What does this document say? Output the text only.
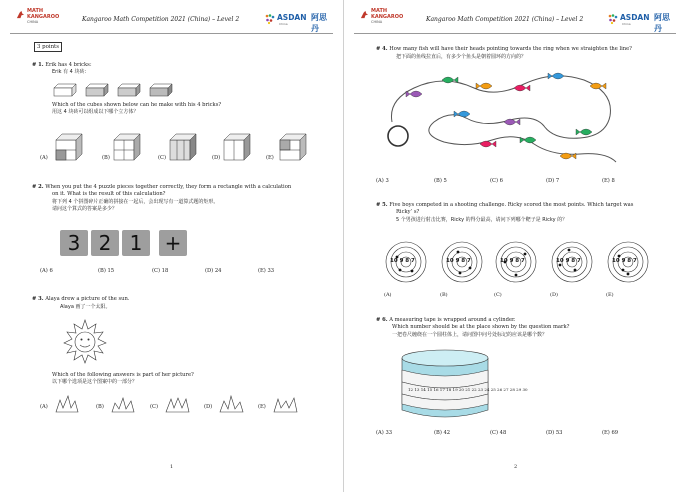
MATH KANGAROO
CHINA	Kangaroo Math Competition 2021 (China) – Level 2	ASDAN
China
阿思丹
3 points
# 1. Erik has 4 bricks:
Erik 有 4 块砖：
Which of the cubes shown below can he make with his 4 bricks?
用这 4 块砖可以组成以下哪个立方体？
(A)	(B)	(C)	(D)	(E)
# 2. When you put the 4 puzzle pieces together correctly, they form a rectangle with a calculation
on it. What is the result of this calculation?
将下列 4 个拼图碎片正确的拼接在一起后，会出现写有一道算式题的矩形。
请问这个算式的答案是多少？
3 2 1	+
(A) 6	(B) 15	(C) 18	(D) 24	(E) 33
# 3. Alaya drew a picture of the sun.
Alaya 画了一个太阳。
Which of the following answers is part of her picture?
以下哪个选项是这个图案中的一部分？
(A)	(B)	(C)	(D)	(E)
1
MATH KANGAROO
CHINA	Kangaroo Math Competition 2021 (China) – Level 2	ASDAN
China
阿思丹
# 4. How many fish will have their heads pointing towards the ring when we straighten the line?
把下面的鱼线拉直后，有多少个鱼头是朝着圆环的方向的？
(A) 3	(B) 5	(C) 6	(D) 7	(E) 8
# 5. Five boys competed in a shooting challenge. Ricky scored the most points. Which target was
Ricky’ s?
5 个男孩进行射击比赛，Ricky 的得分最高，请问下列哪个靶子是 Ricky 的？
10 9 8 7	10 9 8 7	10 9 8 7	10 9 8 7	10 9 8 7
(A)	(B)	(C)	(D)	(E)
# 6. A measuring tape is wrapped around a cylinder.
Which number should be at the place shown by the question mark?
一把卷尺缠绕在一个圆柱体上，请问图中问号处标记的应该是哪个数？
12 13 14 15 16 17 18 19 20 21 22 23 24 25 26 27 28 29 30
(A) 33	(B) 42	(C) 48	(D) 53	(E) 69
2
